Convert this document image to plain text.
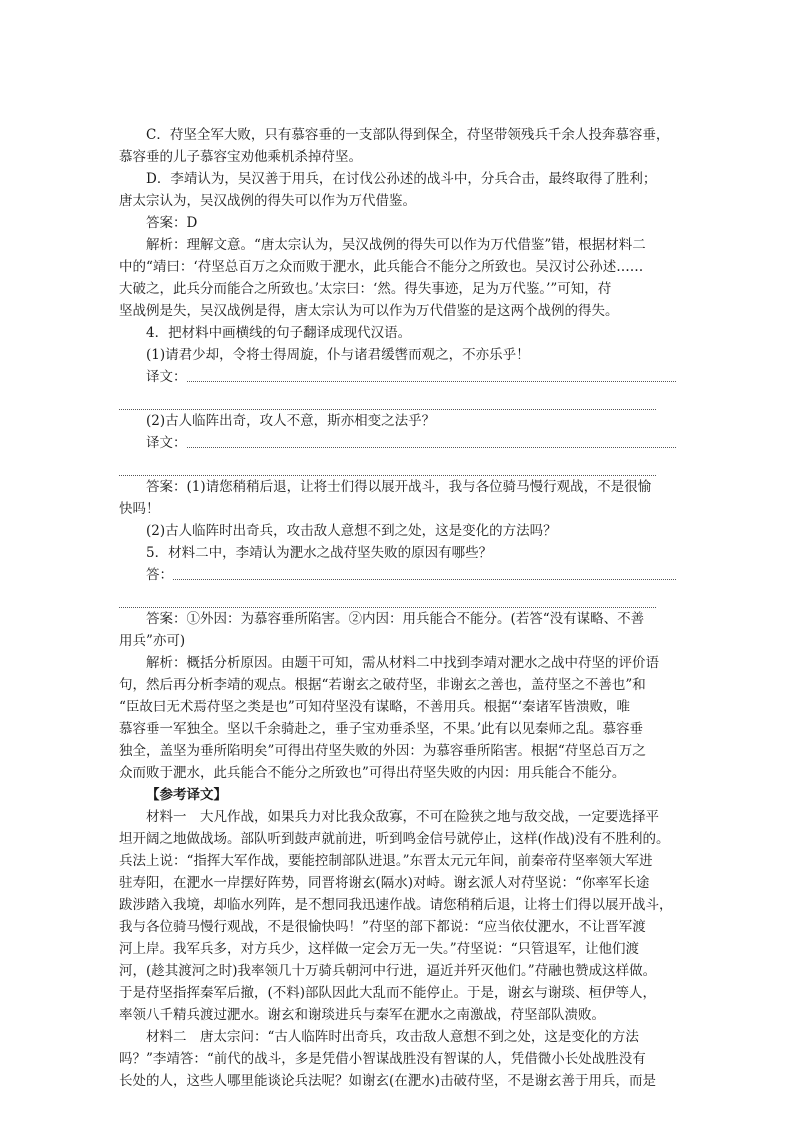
C．苻坚全军大败，只有慕容垂的一支部队得到保全，苻坚带领残兵千余人投奔慕容垂，
慕容垂的儿子慕容宝劝他乘机杀掉苻坚。
D．李靖认为，吴汉善于用兵，在讨伐公孙述的战斗中，分兵合击，最终取得了胜利；
唐太宗认为，吴汉战例的得失可以作为万代借鉴。
答案：D
解析：理解文意。“唐太宗认为，吴汉战例的得失可以作为万代借鉴”错，根据材料二
中的“靖曰：‘苻坚总百万之众而败于淝水，此兵能合不能分之所致也。吴汉讨公孙述……
大破之，此兵分而能合之所致也。’太宗曰：‘然。得失事迹，足为万代鉴。’”可知，苻
坚战例是失，吴汉战例是得，唐太宗认为可以作为万代借鉴的是这两个战例的得失。
4．把材料中画横线的句子翻译成现代汉语。
(1)请君少却，令将士得周旋，仆与诸君缓辔而观之，不亦乐乎！
译文：
(2)古人临阵出奇，攻人不意，斯亦相变之法乎？
译文：
答案：(1)请您稍稍后退，让将士们得以展开战斗，我与各位骑马慢行观战，不是很愉
快吗！
(2)古人临阵时出奇兵，攻击敌人意想不到之处，这是变化的方法吗？
5．材料二中，李靖认为淝水之战苻坚失败的原因有哪些？
答：
答案：①外因：为慕容垂所陷害。②内因：用兵能合不能分。(若答“没有谋略、不善
用兵”亦可)
解析：概括分析原因。由题干可知，需从材料二中找到李靖对淝水之战中苻坚的评价语
句，然后再分析李靖的观点。根据“若谢玄之破苻坚，非谢玄之善也，盖苻坚之不善也”和
“臣故曰无术焉苻坚之类是也”可知苻坚没有谋略，不善用兵。根据“‘秦诸军皆溃败，唯
慕容垂一军独全。坚以千余骑赴之，垂子宝劝垂杀坚，不果。’此有以见秦师之乱。慕容垂
独全，盖坚为垂所陷明矣”可得出苻坚失败的外因：为慕容垂所陷害。根据“苻坚总百万之
众而败于淝水，此兵能合不能分之所致也”可得出苻坚失败的内因：用兵能合不能分。
【参考译文】
材料一　大凡作战，如果兵力对比我众敌寡，不可在险狭之地与敌交战，一定要选择平
坦开阔之地做战场。部队听到鼓声就前进，听到鸣金信号就停止，这样(作战)没有不胜利的。
兵法上说：“指挥大军作战，要能控制部队进退。”东晋太元元年间，前秦帝苻坚率领大军进
驻寿阳，在淝水一岸摆好阵势，同晋将谢玄(隔水)对峙。谢玄派人对苻坚说：“你率军长途
跋涉踏入我境，却临水列阵，是不想同我迅速作战。请您稍稍后退，让将士们得以展开战斗，
我与各位骑马慢行观战，不是很愉快吗！”苻坚的部下都说：“应当依仗淝水，不让晋军渡
河上岸。我军兵多，对方兵少，这样做一定会万无一失。”苻坚说：“只管退军，让他们渡
河，(趁其渡河之时)我率领几十万骑兵朝河中行进，逼近并歼灭他们。”苻融也赞成这样做。
于是苻坚指挥秦军后撤，(不料)部队因此大乱而不能停止。于是，谢玄与谢琰、桓伊等人，
率领八千精兵渡过淝水。谢玄和谢琰进兵与秦军在淝水之南激战，苻坚部队溃败。
材料二　唐太宗问：“古人临阵时出奇兵，攻击敌人意想不到之处，这是变化的方法
吗？”李靖答：“前代的战斗，多是凭借小智谋战胜没有智谋的人，凭借微小长处战胜没有
长处的人，这些人哪里能谈论兵法呢？如谢玄(在淝水)击破苻坚，不是谢玄善于用兵，而是
